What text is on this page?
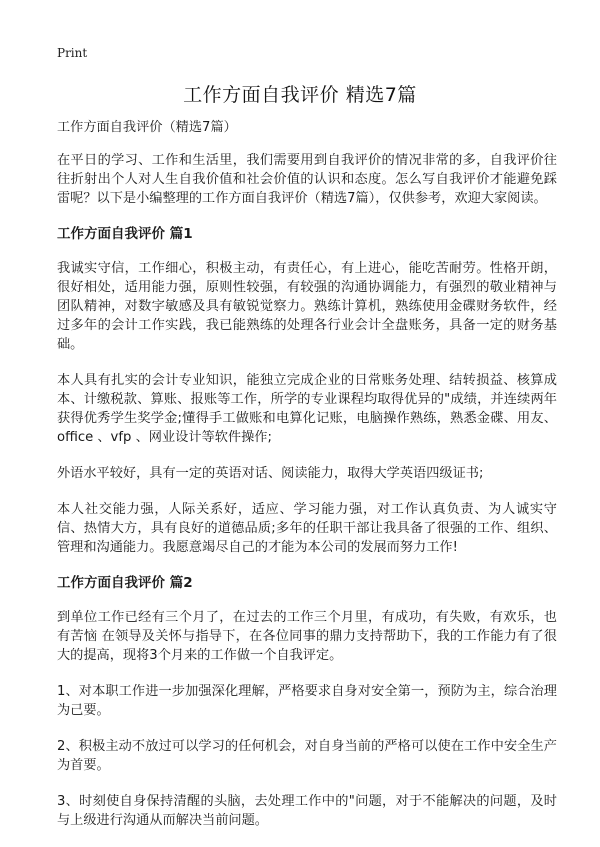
Print
工作方面自我评价 精选7篇

工作方面自我评价（精选7篇）

在平日的学习、工作和生活里，我们需要用到自我评价的情况非常的多，自我评价往往折射出个人对人生自我价值和社会价值的认识和态度。怎么写自我评价才能避免踩雷呢？以下是小编整理的工作方面自我评价（精选7篇），仅供参考，欢迎大家阅读。

工作方面自我评价 篇1

我诚实守信，工作细心，积极主动，有责任心，有上进心，能吃苦耐劳。性格开朗，很好相处，适用能力强，原则性较强，有较强的沟通协调能力，有强烈的敬业精神与团队精神，对数字敏感及具有敏锐觉察力。熟练计算机，熟练使用金碟财务软件，经过多年的会计工作实践，我已能熟练的处理各行业会计全盘账务，具备一定的财务基础。

本人具有扎实的会计专业知识，能独立完成企业的日常账务处理、结转损益、核算成本、计缴税款、算账、报账等工作，所学的专业课程均取得优异的"成绩，并连续两年获得优秀学生奖学金;懂得手工做账和电算化记账，电脑操作熟练，熟悉金碟、用友、office 、vfp 、网业设计等软件操作;

外语水平较好，具有一定的英语对话、阅读能力，取得大学英语四级证书;

本人社交能力强，人际关系好，适应、学习能力强，对工作认真负责、为人诚实守信、热情大方，具有良好的道德品质;多年的任职干部让我具备了很强的工作、组织、管理和沟通能力。我愿意竭尽自己的才能为本公司的发展而努力工作!

工作方面自我评价 篇2

到单位工作已经有三个月了，在过去的工作三个月里，有成功，有失败，有欢乐，也有苦恼 在领导及关怀与指导下，在各位同事的鼎力支持帮助下，我的工作能力有了很大的提高，现将3个月来的工作做一个自我评定。

1、对本职工作进一步加强深化理解，严格要求自身对安全第一，预防为主，综合治理为己要。

2、积极主动不放过可以学习的任何机会，对自身当前的严格可以使在工作中安全生产为首要。

3、时刻使自身保持清醒的头脑，去处理工作中的"问题，对于不能解决的问题，及时与上级进行沟通从而解决当前问题。
